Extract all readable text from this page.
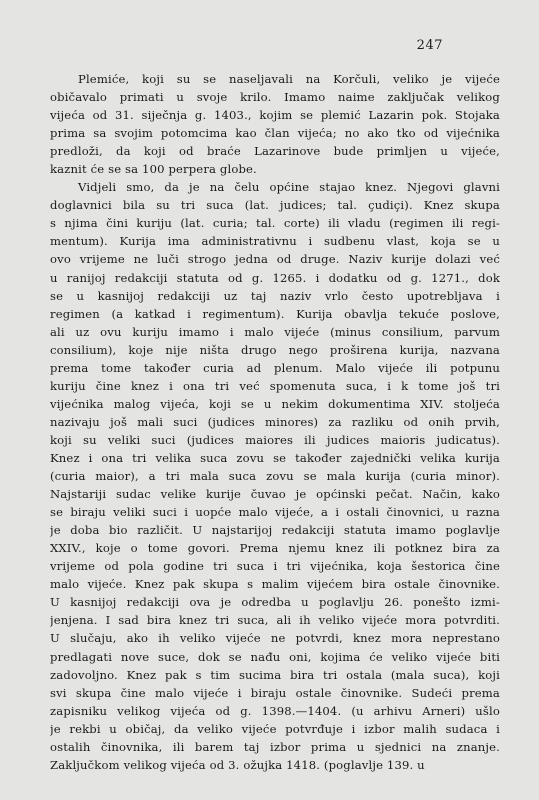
247
Plemiće, koji su se naseljavali na Korčuli, veliko je vijeće
običavalo primati u svoje krilo. Imamo naime zaključak velikog
vijeća od 31. siječnja g. 1403., kojim se plemić Lazarin pok. Stojaka
prima sa svojim potomcima kao član vijeća; no ako tko od vijećnika
predloži, da koji od braće Lazarinove bude primljen u vijeće,
kaznit će se sa 100 perpera globe.
Vidjeli smo, da je na čelu općine stajao knez. Njegovi glavni
doglavnici bila su tri suca (lat. judices; tal. çudiçi). Knez skupa
s njima čini kuriju (lat. curia; tal. corte) ili vladu (regimen ili regi-
mentum). Kurija ima administrativnu i sudbenu vlast, koja se u
ovo vrijeme ne luči strogo jedna od druge. Naziv kurije dolazi već
u ranijoj redakciji statuta od g. 1265. i dodatku od g. 1271., dok
se u kasnijoj redakciji uz taj naziv vrlo često upotrebljava i
regimen (a katkad i regimentum). Kurija obavlja tekuće poslove,
ali uz ovu kuriju imamo i malo vijeće (minus consilium, parvum
consilium), koje nije ništa drugo nego proširena kurija, nazvana
prema tome također curia ad plenum. Malo vijeće ili potpunu
kuriju čine knez i ona tri već spomenuta suca, i k tome još tri
vijećnika malog vijeća, koji se u nekim dokumentima XIV. stoljeća
nazivaju još mali suci (judices minores) za razliku od onih prvih,
koji su veliki suci (judices maiores ili judices maioris judicatus).
Knez i ona tri velika suca zovu se također zajednički velika kurija
(curia maior), a tri mala suca zovu se mala kurija (curia minor).
Najstariji sudac velike kurije čuvao je općinski pečat. Način, kako
se biraju veliki suci i uopće malo vijeće, a i ostali činovnici, u razna
je doba bio različit. U najstarijoj redakciji statuta imamo poglavlje
XXIV., koje o tome govori. Prema njemu knez ili potknez bira za
vrijeme od pola godine tri suca i tri vijećnika, koja šestorica čine
malo vijeće. Knez pak skupa s malim vijećem bira ostale činovnike.
U kasnijoj redakciji ova je odredba u poglavlju 26. ponešto izmi-
jenjena. I sad bira knez tri suca, ali ih veliko vijeće mora potvrditi.
U slučaju, ako ih veliko vijeće ne potvrdi, knez mora neprestano
predlagati nove suce, dok se nađu oni, kojima će veliko vijeće biti
zadovoljno. Knez pak s tim sucima bira tri ostala (mala suca), koji
svi skupa čine malo vijeće i biraju ostale činovnike. Sudeći prema
zapisniku velikog vijeća od g. 1398.—1404. (u arhivu Arneri) ušlo
je rekbi u običaj, da veliko vijeće potvrđuje i izbor malih sudaca i
ostalih činovnika, ili barem taj izbor prima u sjednici na znanje.
Zaključkom velikog vijeća od 3. ožujka 1418. (poglavlje 139. u
